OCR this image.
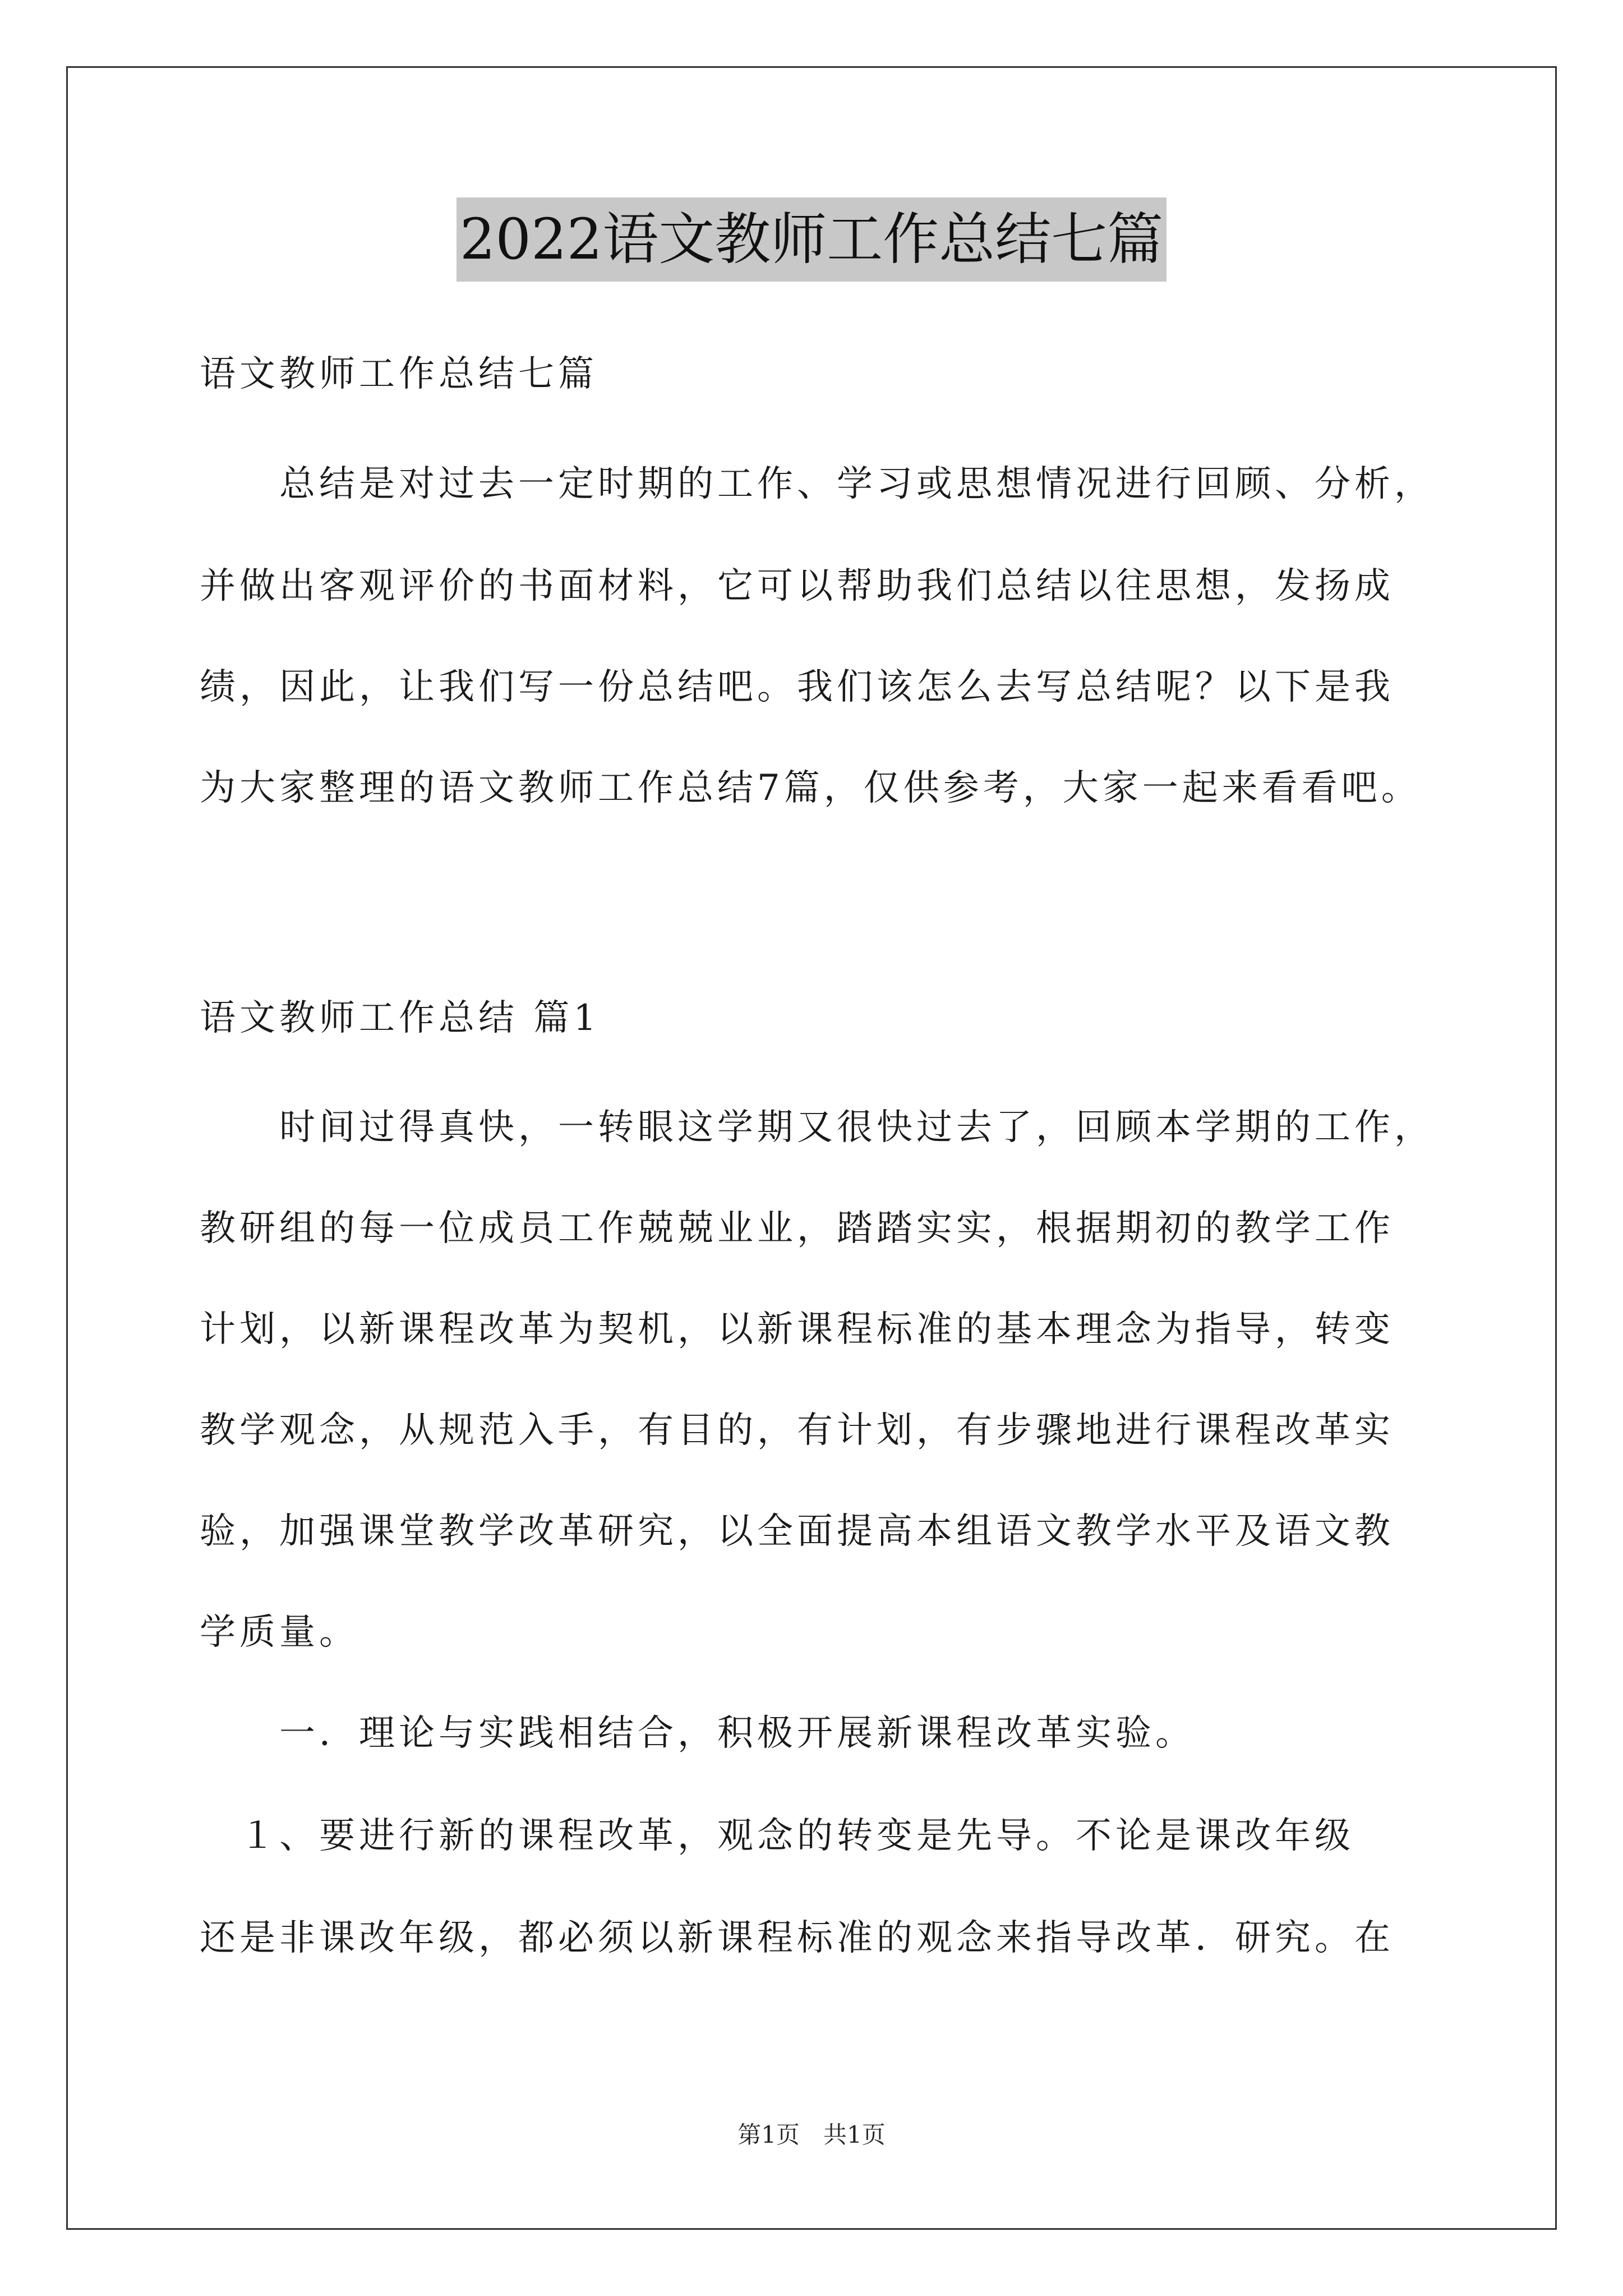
2022语文教师工作总结七篇
语文教师工作总结七篇
　　总结是对过去一定时期的工作、学习或思想情况进行回顾、分析，
并做出客观评价的书面材料，它可以帮助我们总结以往思想，发扬成
绩，因此，让我们写一份总结吧。我们该怎么去写总结呢？以下是我
为大家整理的语文教师工作总结7篇，仅供参考，大家一起来看看吧。
语文教师工作总结 篇1
　　时间过得真快，一转眼这学期又很快过去了，回顾本学期的工作，
教研组的每一位成员工作兢兢业业，踏踏实实，根据期初的教学工作
计划，以新课程改革为契机，以新课程标准的基本理念为指导，转变
教学观念，从规范入手，有目的，有计划，有步骤地进行课程改革实
验，加强课堂教学改革研究，以全面提高本组语文教学水平及语文教
学质量。
　　一．理论与实践相结合，积极开展新课程改革实验。
　１、要进行新的课程改革，观念的转变是先导。不论是课改年级
还是非课改年级，都必须以新课程标准的观念来指导改革．研究。在
第1页　共1页
